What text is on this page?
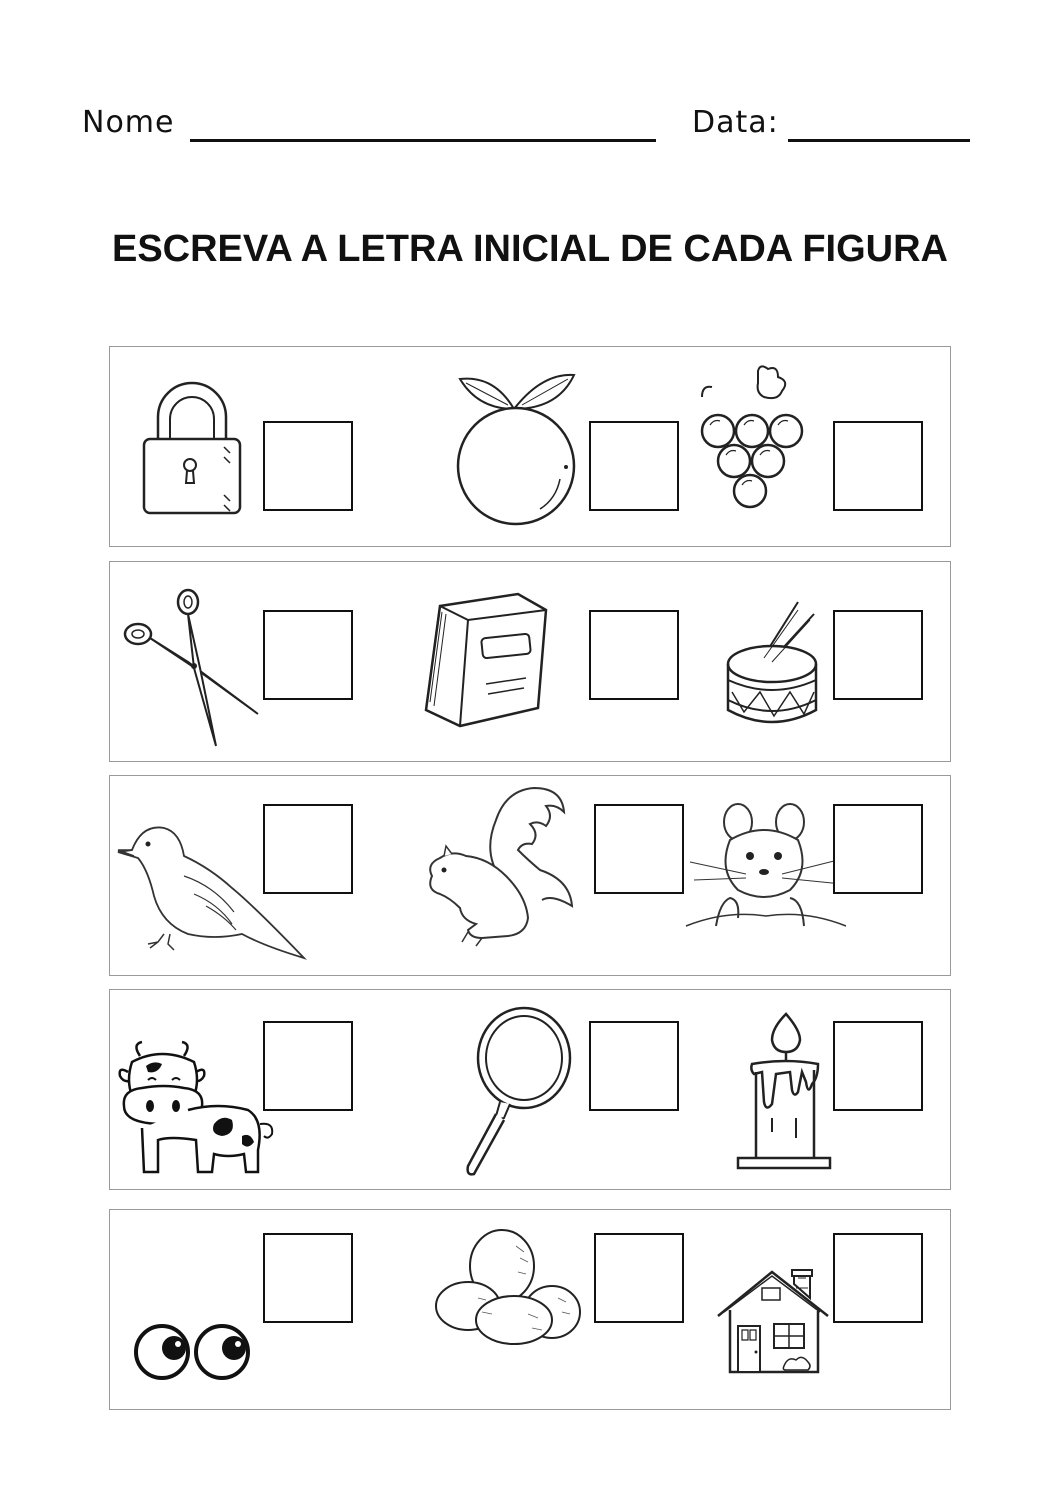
Nome	Data:
ESCREVA A LETRA INICIAL DE CADA FIGURA
